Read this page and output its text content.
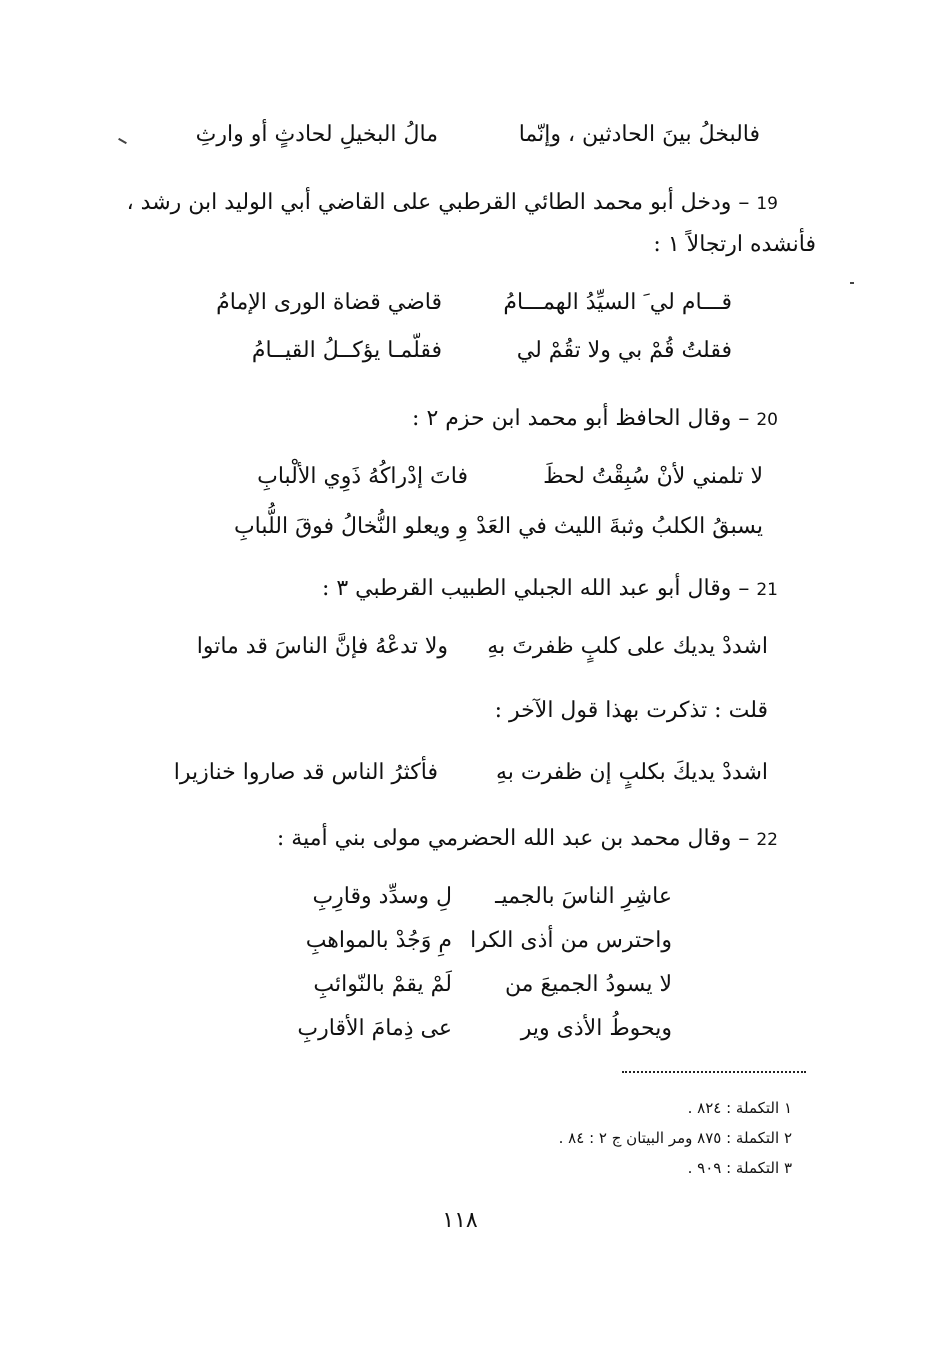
فالبخلُ بينَ الحادثين ، وإنّما
مالُ البخيلِ لحادثٍ أو وارثِ
19 – ودخل أبو محمد الطائي القرطبي على القاضي أبي الوليد ابن رشد ،
فأنشده ارتجالاً ١ :
قـــام لي َ السيِّدُ الهمـــامُ
قاضي قضاة الورى الإمامُ
فقلتُ قُمْ بي ولا تقُمْ لي
فقلّمـا يؤكــلُ القيــامُ
20 – وقال الحافظ أبو محمد ابن حزم ٢ :
لا تلمني لأنْ سُبِقْتُ لحظَ
فاتَ إدْراكُهُ ذَوِي الألْبابِ
يسبقُ الكلبُ وثبةَ الليث في العَدْ
وِ ويعلو النُّخالُ فوقَ اللُّبابِ
21 – وقال أبو عبد الله الجبلي الطبيب القرطبي ٣ :
اشددْ يديك على كلبٍ ظفرتَ بهِ
ولا تدعْهُ فإنَّ الناسَ قد ماتوا
قلت : تذكرت بهذا قول الآخر :
اشددْ يديكَ بكلبٍ إن ظفرت بهِ
فأكثرُ الناس قد صاروا خنازيرا
22 – وقال محمد بن عبد الله الحضرمي مولى بني أمية :
عاشِرِ الناسَ بالجميـ
لِ وسدِّد وقارِبِ
واحترس من أذى الكرا
مِ وَجُدْ بالمواهبِ
لا يسودُ الجميعَ من
لَمْ يقمْ بالنّوائبِ
ويحوطُ الأذى وير
عى ذِمامَ الأقاربِ
١ التكملة : ٨٢٤ .
٢ التكملة : ٨٧٥ ومر البيتان ج ٢ : ٨٤ .
٣ التكملة : ٩٠٩ .
١١٨
